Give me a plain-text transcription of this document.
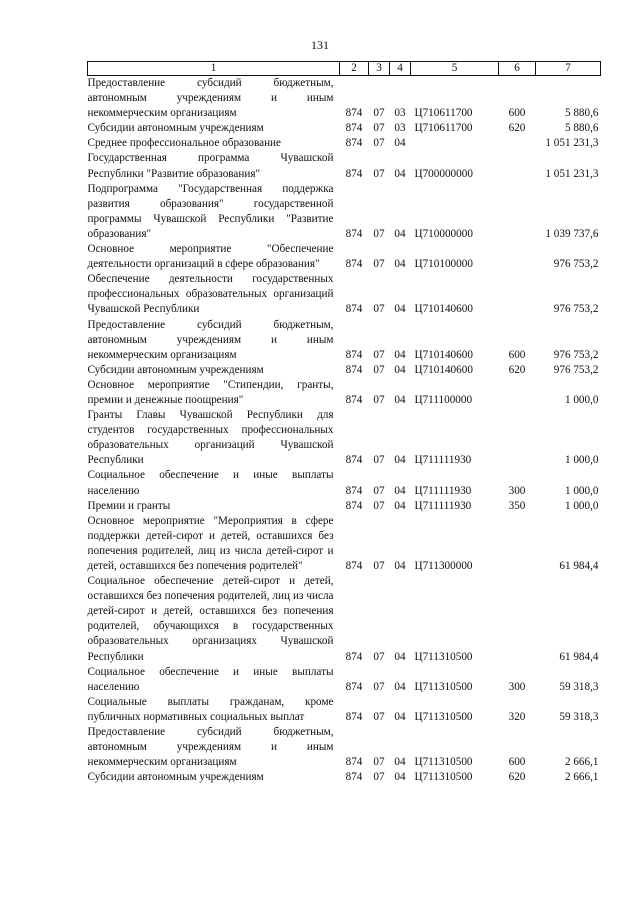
131
1	2	3	4	5	6	7
Предоставление субсидий бюджетным, автономным учреждениям и иным некоммерческим организациям	874	07	03	Ц710611700	600	5 880,6
Субсидии автономным учреждениям	874	07	03	Ц710611700	620	5 880,6
Среднее профессиональное образование	874	07	04			1 051 231,3
Государственная программа Чувашской Республики "Развитие образования"	874	07	04	Ц700000000		1 051 231,3
Подпрограмма "Государственная поддержка развития образования" государственной программы Чувашской Республики "Развитие образования"	874	07	04	Ц710000000		1 039 737,6
Основное мероприятие "Обеспечение деятельности организаций в сфере образования"	874	07	04	Ц710100000		976 753,2
Обеспечение деятельности государственных профессиональных образовательных организаций Чувашской Республики	874	07	04	Ц710140600		976 753,2
Предоставление субсидий бюджетным, автономным учреждениям и иным некоммерческим организациям	874	07	04	Ц710140600	600	976 753,2
Субсидии автономным учреждениям	874	07	04	Ц710140600	620	976 753,2
Основное мероприятие "Стипендии, гранты, премии и денежные поощрения"	874	07	04	Ц711100000		1 000,0
Гранты Главы Чувашской Республики для студентов государственных профессиональных образовательных организаций Чувашской Республики	874	07	04	Ц711111930		1 000,0
Социальное обеспечение и иные выплаты населению	874	07	04	Ц711111930	300	1 000,0
Премии и гранты	874	07	04	Ц711111930	350	1 000,0
Основное мероприятие "Мероприятия в сфере поддержки детей-сирот и детей, оставшихся без попечения родителей, лиц из числа детей-сирот и детей, оставшихся без попечения родителей"	874	07	04	Ц711300000		61 984,4
Социальное обеспечение детей-сирот и детей, оставшихся без попечения родителей, лиц из числа детей-сирот и детей, оставшихся без попечения родителей, обучающихся в государственных образовательных организациях Чувашской Республики	874	07	04	Ц711310500		61 984,4
Социальное обеспечение и иные выплаты населению	874	07	04	Ц711310500	300	59 318,3
Социальные выплаты гражданам, кроме публичных нормативных социальных выплат	874	07	04	Ц711310500	320	59 318,3
Предоставление субсидий бюджетным, автономным учреждениям и иным некоммерческим организациям	874	07	04	Ц711310500	600	2 666,1
Субсидии автономным учреждениям	874	07	04	Ц711310500	620	2 666,1
